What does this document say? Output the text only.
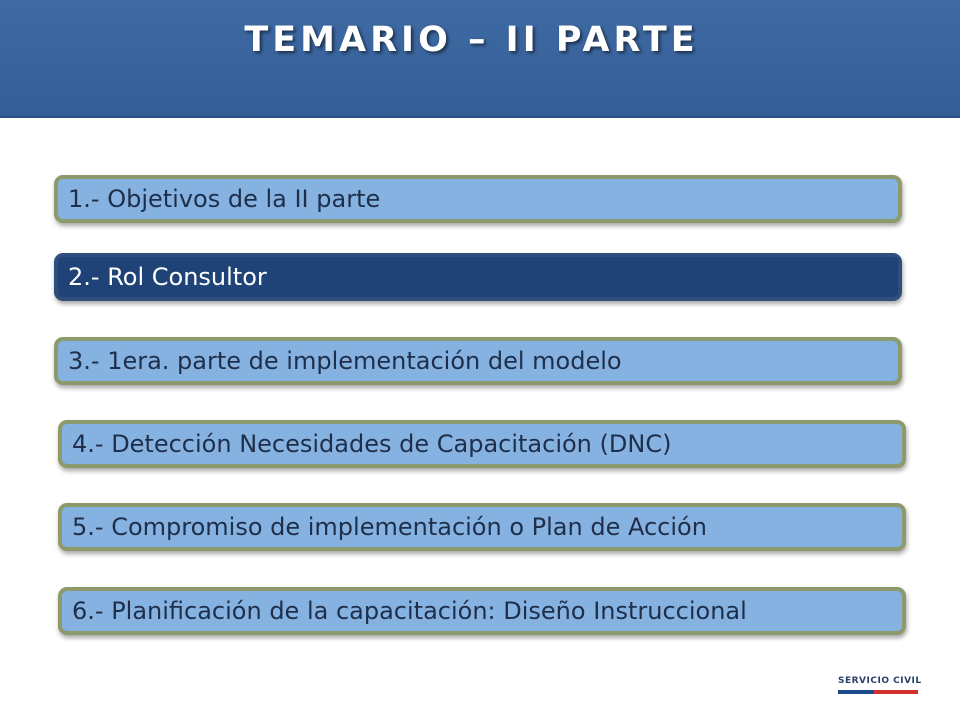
TEMARIO – II PARTE
1.- Objetivos de la II parte
2.- Rol Consultor
3.- 1era. parte de implementación del modelo
4.- Detección Necesidades de Capacitación (DNC)
5.- Compromiso de implementación o Plan de Acción
6.- Planificación de la capacitación: Diseño Instruccional
SERVICIO CIVIL
